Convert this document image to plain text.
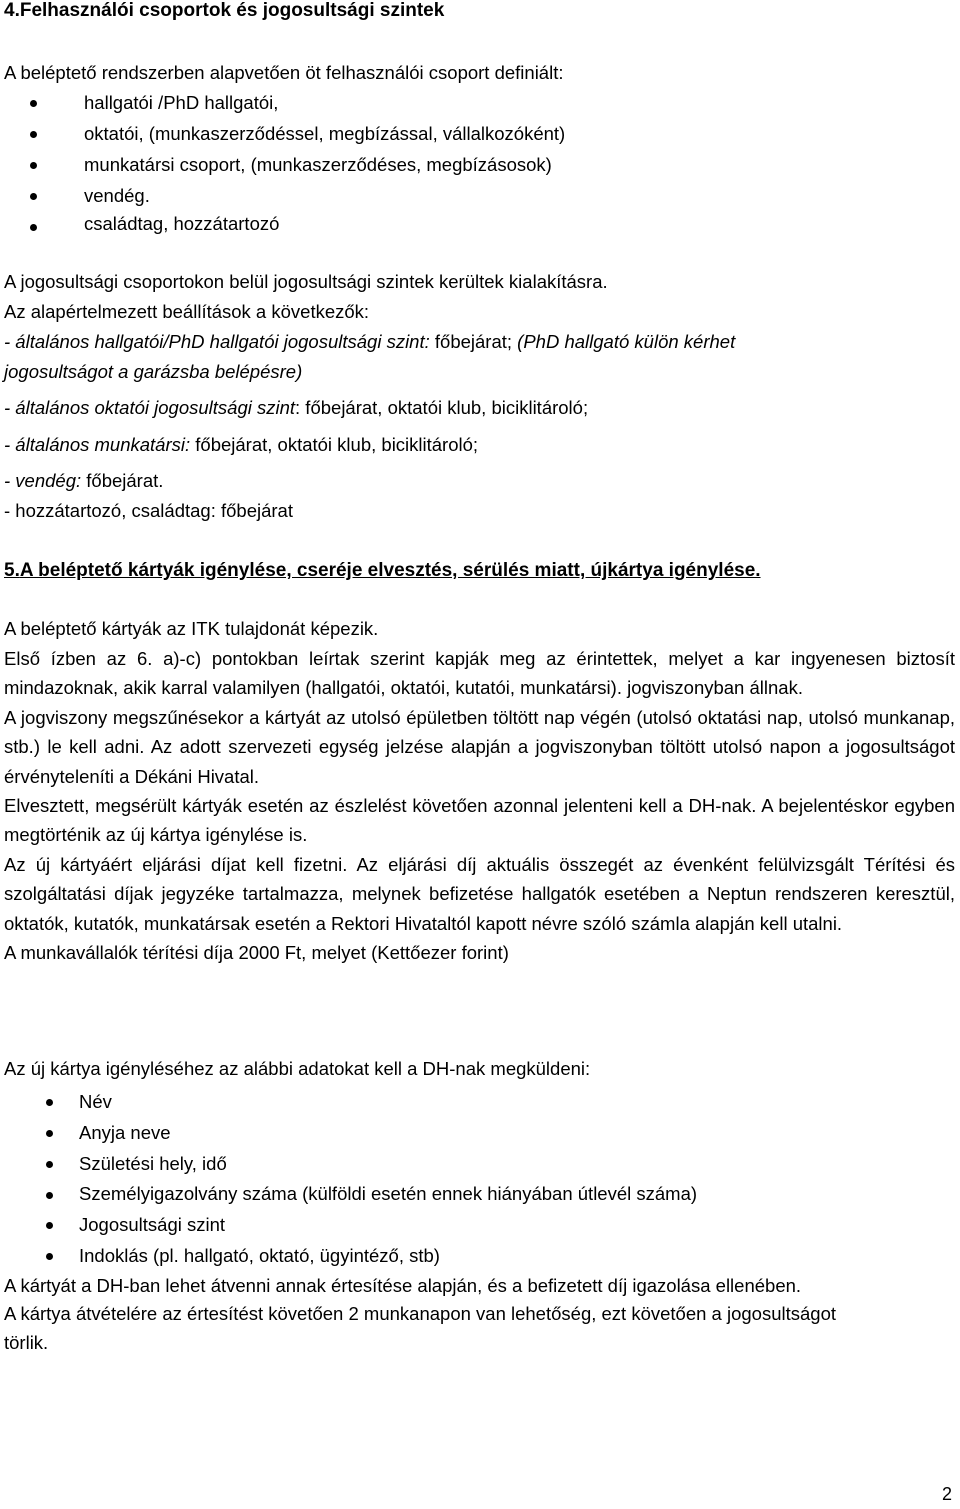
4.Felhasználói csoportok és jogosultsági szintek
A beléptető rendszerben alapvetően öt felhasználói csoport definiált:
hallgatói /PhD hallgatói,
oktatói, (munkaszerződéssel, megbízással, vállalkozóként)
munkatársi csoport, (munkaszerződéses, megbízásosok)
vendég.
családtag, hozzátartozó
A jogosultsági csoportokon belül jogosultsági szintek kerültek kialakításra.
Az alapértelmezett beállítások a következők:
- általános hallgatói/PhD hallgatói jogosultsági szint: főbejárat; (PhD hallgató külön kérhet
jogosultságot a garázsba belépésre)
- általános oktatói jogosultsági szint: főbejárat, oktatói klub, biciklitároló;
- általános munkatársi: főbejárat, oktatói klub, biciklitároló;
- vendég: főbejárat.
- hozzátartozó, családtag: főbejárat
5.A beléptető kártyák igénylése, cseréje elvesztés, sérülés miatt, újkártya igénylése.
A beléptető kártyák az ITK tulajdonát képezik.

Első ízben az 6. a)-c) pontokban leírtak szerint kapják meg az érintettek, melyet a kar ingyenesen biztosít mindazoknak, akik karral valamilyen (hallgatói, oktatói, kutatói, munkatársi). jogviszonyban állnak.

A jogviszony megszűnésekor a kártyát az utolsó épületben töltött nap végén (utolsó oktatási nap, utolsó munkanap, stb.) le kell adni. Az adott szervezeti egység jelzése alapján a jogviszonyban töltött utolsó napon a jogosultságot érvényteleníti a Dékáni Hivatal.

Elvesztett, megsérült kártyák esetén az észlelést követően azonnal jelenteni kell a DH-nak. A bejelentéskor egyben megtörténik az új kártya igénylése is.

Az új kártyáért eljárási díjat kell fizetni. Az eljárási díj aktuális összegét az évenként felülvizsgált Térítési és szolgáltatási díjak jegyzéke tartalmazza, melynek befizetése hallgatók esetében a Neptun rendszeren keresztül, oktatók, kutatók, munkatársak esetén a Rektori Hivataltól kapott névre szóló számla alapján kell utalni.

A munkavállalók térítési díja 2000 Ft, melyet (Kettőezer forint)

Az új kártya igényléséhez az alábbi adatokat kell a DH-nak megküldeni:
Név
Anyja neve
Születési hely, idő
Személyigazolvány száma (külföldi esetén ennek hiányában útlevél száma)
Jogosultsági szint
Indoklás (pl. hallgató, oktató, ügyintéző, stb)
A kártyát a DH-ban lehet átvenni annak értesítése alapján, és a befizetett díj igazolása ellenében.
A kártya átvételére az értesítést követően 2 munkanapon van lehetőség, ezt követően a jogosultságot törlik.
2
